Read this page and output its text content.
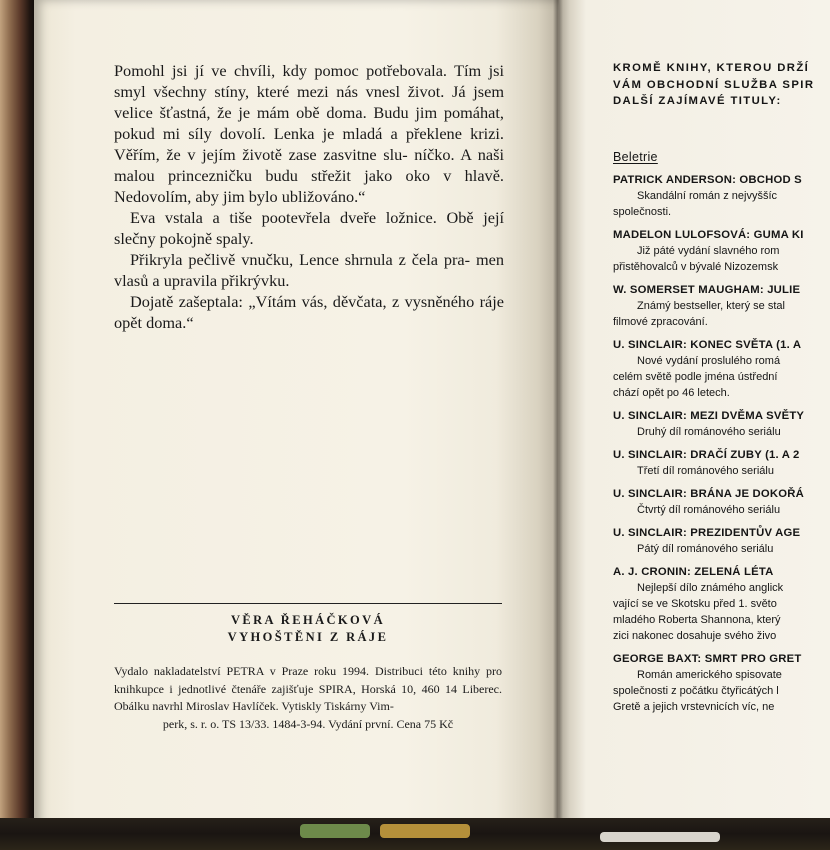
Pomohl jsi jí ve chvíli, kdy pomoc potřebovala. Tím jsi smyl všechny stíny, které mezi nás vnesl život. Já jsem velice šťastná, že je mám obě doma. Budu jim pomáhat, pokud mi síly dovolí. Lenka je mladá a překlene krizi. Věřím, že v jejím životě zase zasvitne slu- níčko. A naši malou princezničku budu střežit jako oko v hlavě. Nedovolím, aby jim bylo ubližováno.“

Eva vstala a tiše pootevřela dveře ložnice. Obě její slečny pokojně spaly.

Přikryla pečlivě vnučku, Lence shrnula z čela pra- men vlasů a upravila přikrývku.

Dojatě zašeptala: „Vítám vás, děvčata, z vysněného ráje opět doma.“

VĚRA ŘEHÁČKOVÁ
VYHOŠTĚNI Z RÁJE
Vydalo nakladatelství PETRA v Praze roku 1994. Distribuci této knihy pro knihkupce i jednotlivé čtenáře zajišťuje SPIRA, Horská 10, 460 14 Liberec. Obálku navrhl Miroslav Havlíček. Vytiskly Tiskárny Vim-
perk, s. r. o. TS 13/33. 1484-3-94. Vydání první. Cena 75 Kč
KROMĚ KNIHY, KTEROU DRŽÍ
VÁM OBCHODNÍ SLUŽBA SPIR
DALŠÍ ZAJÍMAVÉ TITULY:
Beletrie
PATRICK ANDERSON: OBCHOD S
Skandální román z nejvyššíc
společnosti.
MADELON LULOFSOVÁ: GUMA KI
Již páté vydání slavného rom
přistěhovalců v bývalé Nizozemsk
W. SOMERSET MAUGHAM: JULIE
Známý bestseller, který se stal
filmové zpracování.
U. SINCLAIR: KONEC SVĚTA (1. A
Nové vydání proslulého romá
celém světě podle jména ústřední
chází opět po 46 letech.
U. SINCLAIR: MEZI DVĚMA SVĚTY
Druhý díl románového seriálu
U. SINCLAIR: DRAČÍ ZUBY (1. A 2
Třetí díl románového seriálu
U. SINCLAIR: BRÁNA JE DOKOŘÁ
Čtvrtý díl románového seriálu
U. SINCLAIR: PREZIDENTŮV AGE
Pátý díl románového seriálu
A. J. CRONIN: ZELENÁ LÉTA
Nejlepší dílo známého anglick
vající se ve Skotsku před 1. světo
mladého Roberta Shannona, který
zici nakonec dosahuje svého živo
GEORGE BAXT: SMRT PRO GRET
Román amerického spisovate
společnosti z počátku čtyřicátých l
Gretě a jejich vrstevnicích víc, ne
